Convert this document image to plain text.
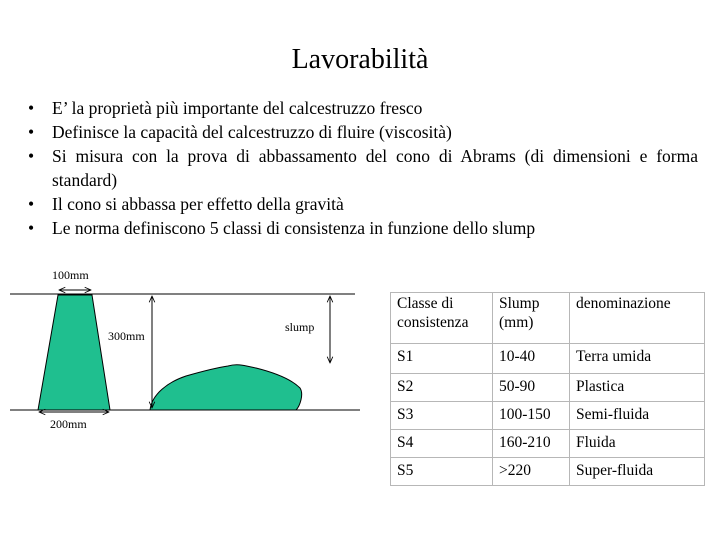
Lavorabilità
• E’ la proprietà più importante del calcestruzzo fresco
• Definisce la capacità del calcestruzzo di fluire (viscosità)
• Si misura con la prova di abbassamento del cono di Abrams (di dimensioni e forma standard)
• Il cono si abbassa per effetto della gravità
• Le norma definiscono 5 classi di consistenza in funzione dello slump
100mm
300mm
200mm
slump
Classe di consistenza	Slump (mm)	denominazione
S1	10-40	Terra umida
S2	50-90	Plastica
S3	100-150	Semi-fluida
S4	160-210	Fluida
S5	>220	Super-fluida
